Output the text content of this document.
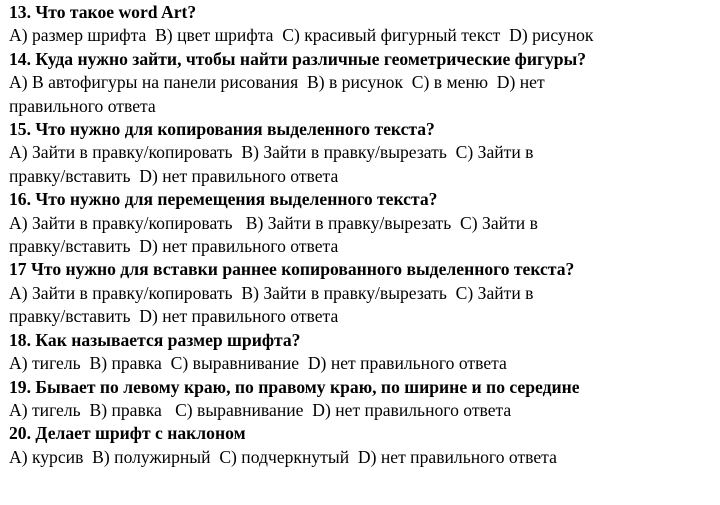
13. Что такое word Art?
А) размер шрифта  В) цвет шрифта  С) красивый фигурный текст  D) рисунок
14. Куда нужно зайти, чтобы найти различные геометрические фигуры?
А) В автофигуры на панели рисования  В) в рисунок  С) в меню  D) нет
правильного ответа
15. Что нужно для копирования выделенного текста?
А) Зайти в правку/копировать  В) Зайти в правку/вырезать  С) Зайти в
правку/вставить  D) нет правильного ответа
16. Что нужно для перемещения выделенного текста?
А) Зайти в правку/копировать   В) Зайти в правку/вырезать  С) Зайти в
правку/вставить  D) нет правильного ответа
17 Что нужно для вставки раннее копированного выделенного текста?
А) Зайти в правку/копировать  В) Зайти в правку/вырезать  С) Зайти в
правку/вставить  D) нет правильного ответа
18. Как называется размер шрифта?
А) тигель  В) правка  С) выравнивание  D) нет правильного ответа
19. Бывает по левому краю, по правому краю, по ширине и по середине
А) тигель  В) правка   С) выравнивание  D) нет правильного ответа
20. Делает шрифт с наклоном
А) курсив  В) полужирный  С) подчеркнутый  D) нет правильного ответа
